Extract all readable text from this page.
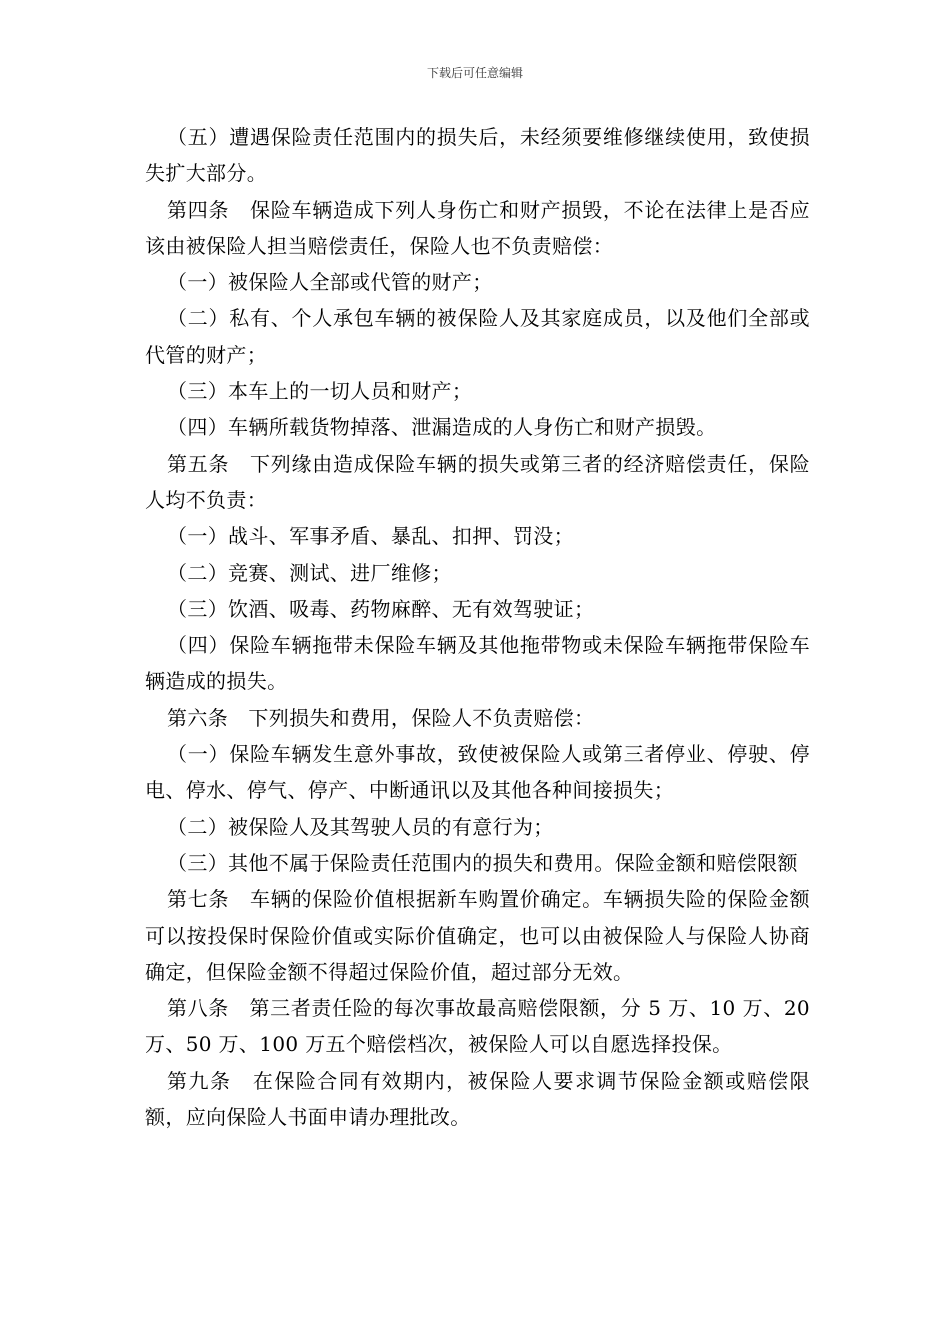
下载后可任意编辑

（五）遭遇保险责任范围内的损失后，未经须要维修继续使用，致使损失扩大部分。

第四条　保险车辆造成下列人身伤亡和财产损毁，不论在法律上是否应该由被保险人担当赔偿责任，保险人也不负责赔偿：

（一）被保险人全部或代管的财产；

（二）私有、个人承包车辆的被保险人及其家庭成员，以及他们全部或代管的财产；

（三）本车上的一切人员和财产；

（四）车辆所载货物掉落、泄漏造成的人身伤亡和财产损毁。

第五条　下列缘由造成保险车辆的损失或第三者的经济赔偿责任，保险人均不负责：

（一）战斗、军事矛盾、暴乱、扣押、罚没；

（二）竞赛、测试、进厂维修；

（三）饮酒、吸毒、药物麻醉、无有效驾驶证；

（四）保险车辆拖带未保险车辆及其他拖带物或未保险车辆拖带保险车辆造成的损失。

第六条　下列损失和费用，保险人不负责赔偿：

（一）保险车辆发生意外事故，致使被保险人或第三者停业、停驶、停电、停水、停气、停产、中断通讯以及其他各种间接损失；

（二）被保险人及其驾驶人员的有意行为；

（三）其他不属于保险责任范围内的损失和费用。保险金额和赔偿限额

第七条　车辆的保险价值根据新车购置价确定。车辆损失险的保险金额可以按投保时保险价值或实际价值确定，也可以由被保险人与保险人协商确定，但保险金额不得超过保险价值，超过部分无效。

第八条　第三者责任险的每次事故最高赔偿限额，分 5 万、10 万、20 万、50 万、100 万五个赔偿档次，被保险人可以自愿选择投保。

第九条　在保险合同有效期内，被保险人要求调节保险金额或赔偿限额，应向保险人书面申请办理批改。
